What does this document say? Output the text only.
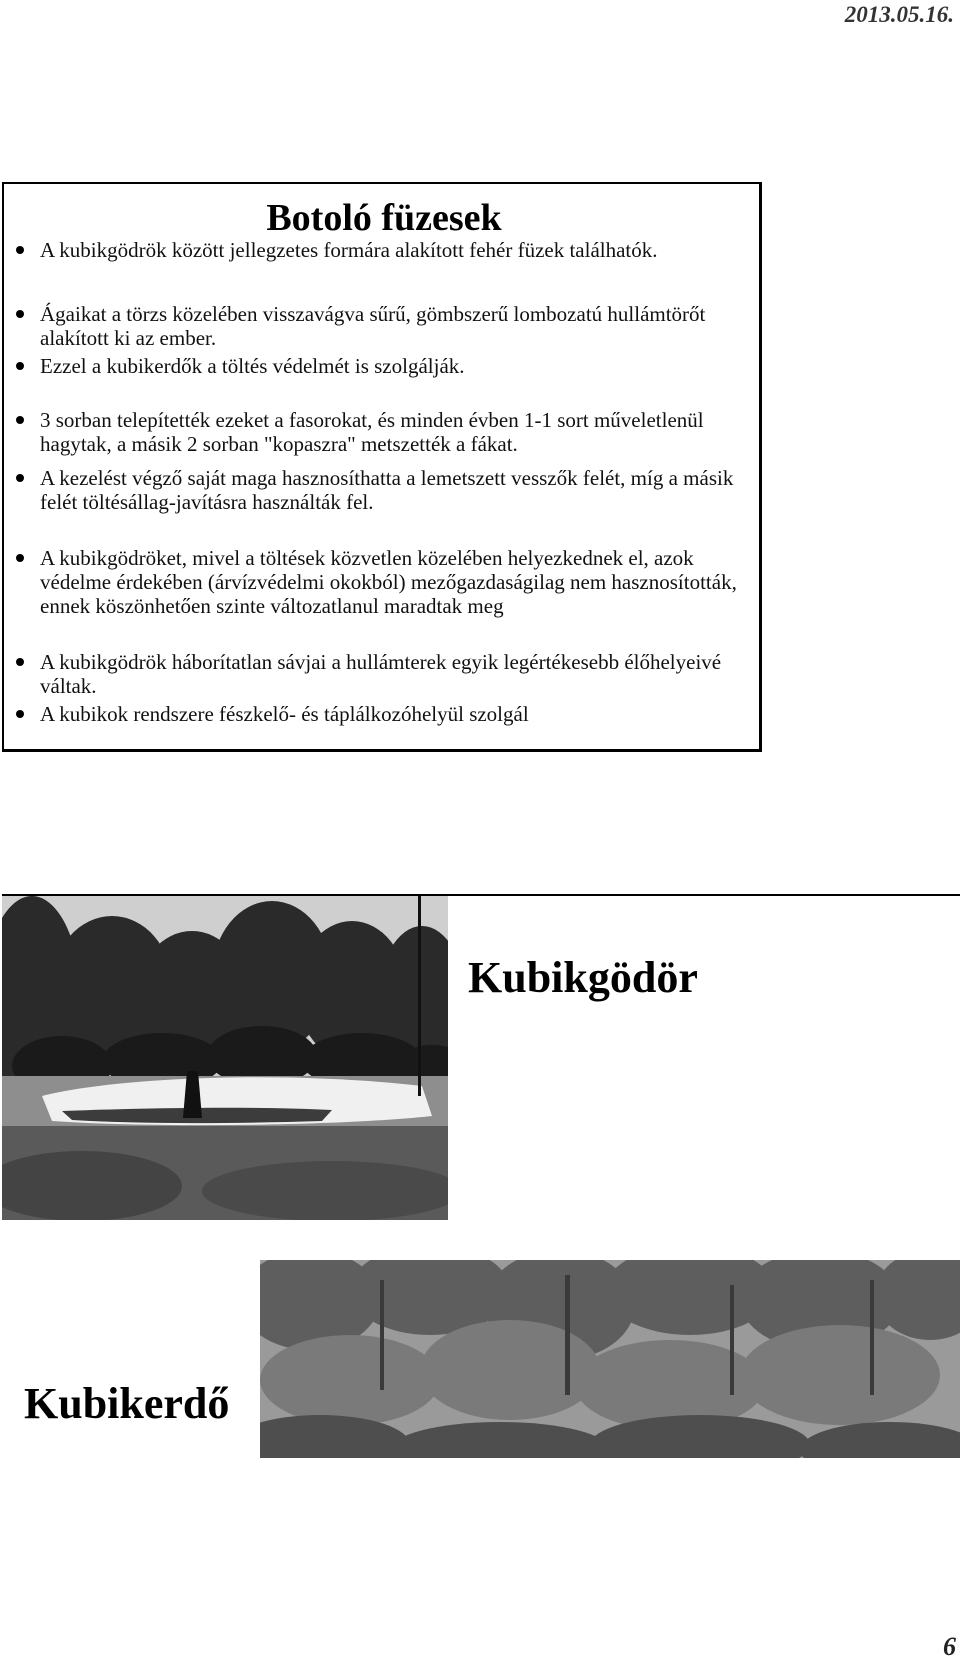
2013.05.16.
Botoló füzesek
A kubikgödrök között jellegzetes formára alakított fehér füzek találhatók.
Ágaikat a törzs közelében visszavágva sűrű, gömbszerű lombozatú hullámtörőt alakított ki az ember.
Ezzel a kubikerdők a töltés védelmét is szolgálják.
3 sorban telepítették ezeket a fasorokat, és minden évben 1-1 sort műveletlenül hagytak, a másik 2 sorban "kopaszra" metszették a fákat.
A kezelést végző saját maga hasznosíthatta a lemetszett vesszők felét, míg a másik felét töltésállag-javításra használták fel.
A kubikgödröket, mivel a töltések közvetlen közelében helyezkednek el, azok védelme érdekében (árvízvédelmi okokból) mezőgazdaságilag nem hasznosították, ennek köszönhetően szinte változatlanul maradtak meg
A kubikgödrök háborítatlan sávjai a hullámterek egyik legértékesebb élőhelyeivé váltak.
A kubikok rendszere fészkelő- és táplálkozóhelyül szolgál
Kubikgödör
Kubikerdő
6
